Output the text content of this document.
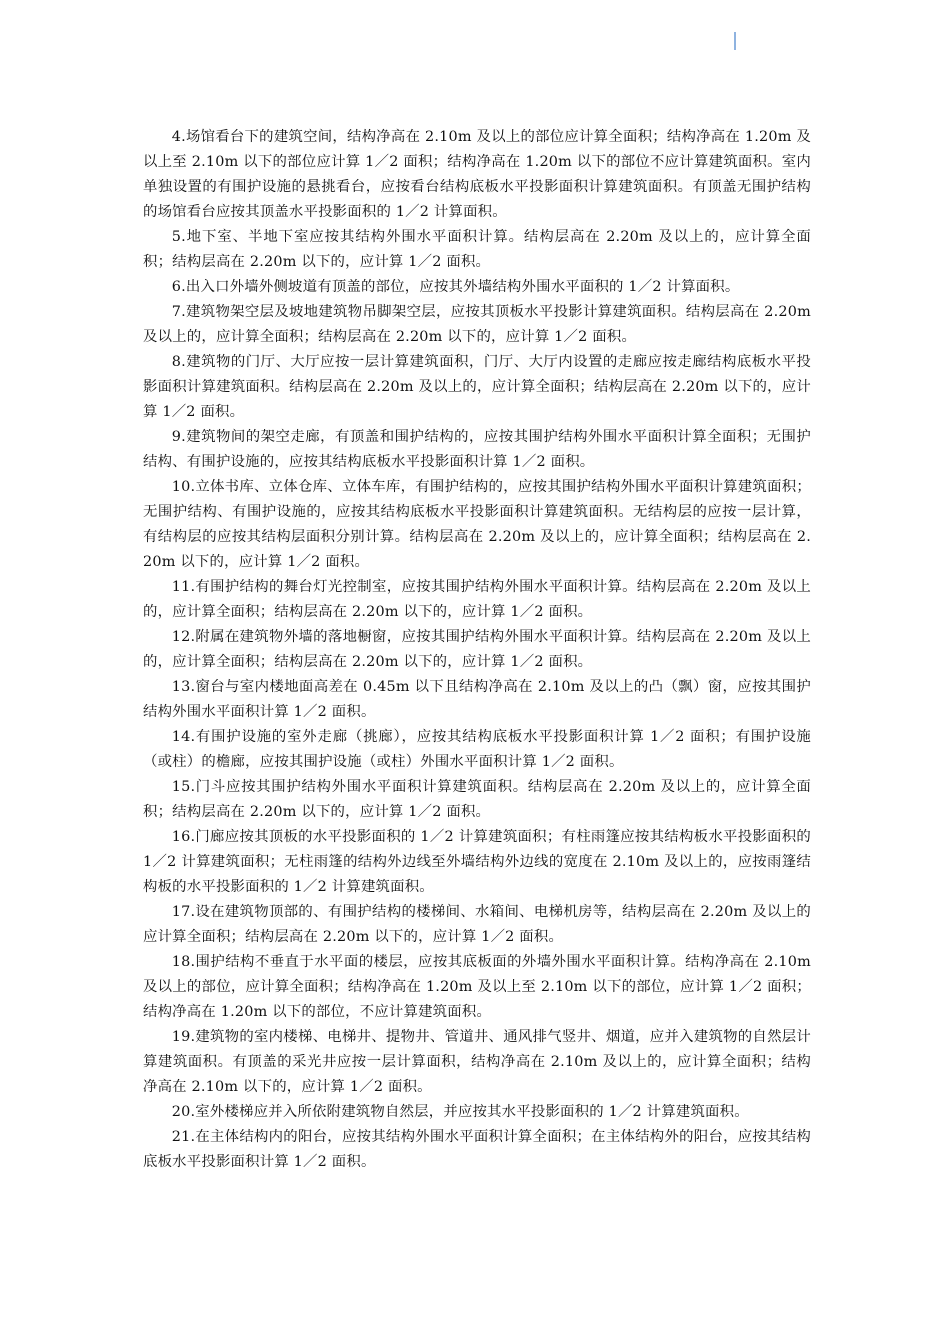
4.场馆看台下的建筑空间，结构净高在 2.10m 及以上的部位应计算全面积；结构净高在 1.20m 及以上至 2.10m 以下的部位应计算 1／2 面积；结构净高在 1.20m 以下的部位不应计算建筑面积。室内单独设置的有围护设施的悬挑看台，应按看台结构底板水平投影面积计算建筑面积。有顶盖无围护结构的场馆看台应按其顶盖水平投影面积的 1／2 计算面积。

5.地下室、半地下室应按其结构外围水平面积计算。结构层高在 2.20m 及以上的，应计算全面积；结构层高在 2.20m 以下的，应计算 1／2 面积。

6.出入口外墙外侧坡道有顶盖的部位，应按其外墙结构外围水平面积的 1／2 计算面积。

7.建筑物架空层及坡地建筑物吊脚架空层，应按其顶板水平投影计算建筑面积。结构层高在 2.20m 及以上的，应计算全面积；结构层高在 2.20m 以下的，应计算 1／2 面积。

8.建筑物的门厅、大厅应按一层计算建筑面积，门厅、大厅内设置的走廊应按走廊结构底板水平投影面积计算建筑面积。结构层高在 2.20m 及以上的，应计算全面积；结构层高在 2.20m 以下的，应计算 1／2 面积。

9.建筑物间的架空走廊，有顶盖和围护结构的，应按其围护结构外围水平面积计算全面积；无围护结构、有围护设施的，应按其结构底板水平投影面积计算 1／2 面积。

10.立体书库、立体仓库、立体车库，有围护结构的，应按其围护结构外围水平面积计算建筑面积；无围护结构、有围护设施的，应按其结构底板水平投影面积计算建筑面积。无结构层的应按一层计算，有结构层的应按其结构层面积分别计算。结构层高在 2.20m 及以上的，应计算全面积；结构层高在 2.20m 以下的，应计算 1／2 面积。

11.有围护结构的舞台灯光控制室，应按其围护结构外围水平面积计算。结构层高在 2.20m 及以上的，应计算全面积；结构层高在 2.20m 以下的，应计算 1／2 面积。

12.附属在建筑物外墙的落地橱窗，应按其围护结构外围水平面积计算。结构层高在 2.20m 及以上的，应计算全面积；结构层高在 2.20m 以下的，应计算 1／2 面积。

13.窗台与室内楼地面高差在 0.45m 以下且结构净高在 2.10m 及以上的凸（飘）窗，应按其围护结构外围水平面积计算 1／2 面积。

14.有围护设施的室外走廊（挑廊），应按其结构底板水平投影面积计算 1／2 面积；有围护设施（或柱）的檐廊，应按其围护设施（或柱）外围水平面积计算 1／2 面积。

15.门斗应按其围护结构外围水平面积计算建筑面积。结构层高在 2.20m 及以上的，应计算全面积；结构层高在 2.20m 以下的，应计算 1／2 面积。

16.门廊应按其顶板的水平投影面积的 1／2 计算建筑面积；有柱雨篷应按其结构板水平投影面积的 1／2 计算建筑面积；无柱雨篷的结构外边线至外墙结构外边线的宽度在 2.10m 及以上的，应按雨篷结构板的水平投影面积的 1／2 计算建筑面积。

17.设在建筑物顶部的、有围护结构的楼梯间、水箱间、电梯机房等，结构层高在 2.20m 及以上的应计算全面积；结构层高在 2.20m 以下的，应计算 1／2 面积。

18.围护结构不垂直于水平面的楼层，应按其底板面的外墙外围水平面积计算。结构净高在 2.10m 及以上的部位，应计算全面积；结构净高在 1.20m 及以上至 2.10m 以下的部位，应计算 1／2 面积；结构净高在 1.20m 以下的部位，不应计算建筑面积。

19.建筑物的室内楼梯、电梯井、提物井、管道井、通风排气竖井、烟道，应并入建筑物的自然层计算建筑面积。有顶盖的采光井应按一层计算面积，结构净高在 2.10m 及以上的，应计算全面积；结构净高在 2.10m 以下的，应计算 1／2 面积。

20.室外楼梯应并入所依附建筑物自然层，并应按其水平投影面积的 1／2 计算建筑面积。

21.在主体结构内的阳台，应按其结构外围水平面积计算全面积；在主体结构外的阳台，应按其结构底板水平投影面积计算 1／2 面积。
